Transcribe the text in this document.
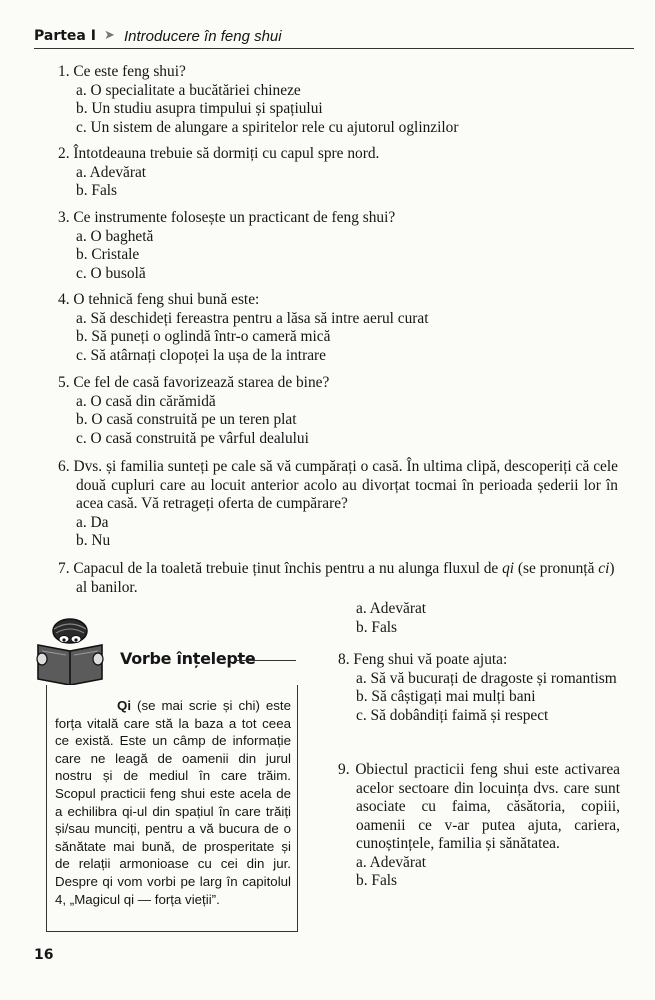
Partea I ➤ Introducere în feng shui
1. Ce este feng shui?
a. O specialitate a bucătăriei chineze
b. Un studiu asupra timpului și spațiului
c. Un sistem de alungare a spiritelor rele cu ajutorul oglinzilor
2. Întotdeauna trebuie să dormiți cu capul spre nord.
a. Adevărat
b. Fals
3. Ce instrumente folosește un practicant de feng shui?
a. O baghetă
b. Cristale
c. O busolă
4. O tehnică feng shui bună este:
a. Să deschideți fereastra pentru a lăsa să intre aerul curat
b. Să puneți o oglindă într-o cameră mică
c. Să atârnați clopoței la ușa de la intrare
5. Ce fel de casă favorizează starea de bine?
a. O casă din cărămidă
b. O casă construită pe un teren plat
c. O casă construită pe vârful dealului
6. Dvs. și familia sunteți pe cale să vă cumpărați o casă. În ultima clipă, descoperiți că cele două cupluri care au locuit anterior acolo au divorțat tocmai în perioada șederii lor în acea casă. Vă retrageți oferta de cumpărare?
a. Da
b. Nu
7. Capacul de la toaletă trebuie ținut închis pentru a nu alunga fluxul de qi (se pronunță ci) al banilor.
a. Adevărat
b. Fals
8. Feng shui vă poate ajuta:
a. Să vă bucurați de dragoste și romantism
b. Să câștigați mai mulți bani
c. Să dobândiți faimă și respect
9. Obiectul practicii feng shui este activarea acelor sectoare din locuința dvs. care sunt asociate cu faima, căsătoria, copiii, oamenii ce v-ar putea ajuta, cariera, cunoștințele, familia și sănătatea.
a. Adevărat
b. Fals
Vorbe înțelepte
Qi (se mai scrie și chi) este forța vitală care stă la baza a tot ceea ce există. Este un câmp de informație care ne leagă de oamenii din jurul nostru și de mediul în care trăim. Scopul practicii feng shui este acela de a echilibra qi-ul din spațiul în care trăiți și/sau munciți, pentru a vă bucura de o sănătate mai bună, de prosperitate și de relații armonioase cu cei din jur. Despre qi vom vorbi pe larg în capitolul 4, „Magicul qi — forța vieții”.
16
